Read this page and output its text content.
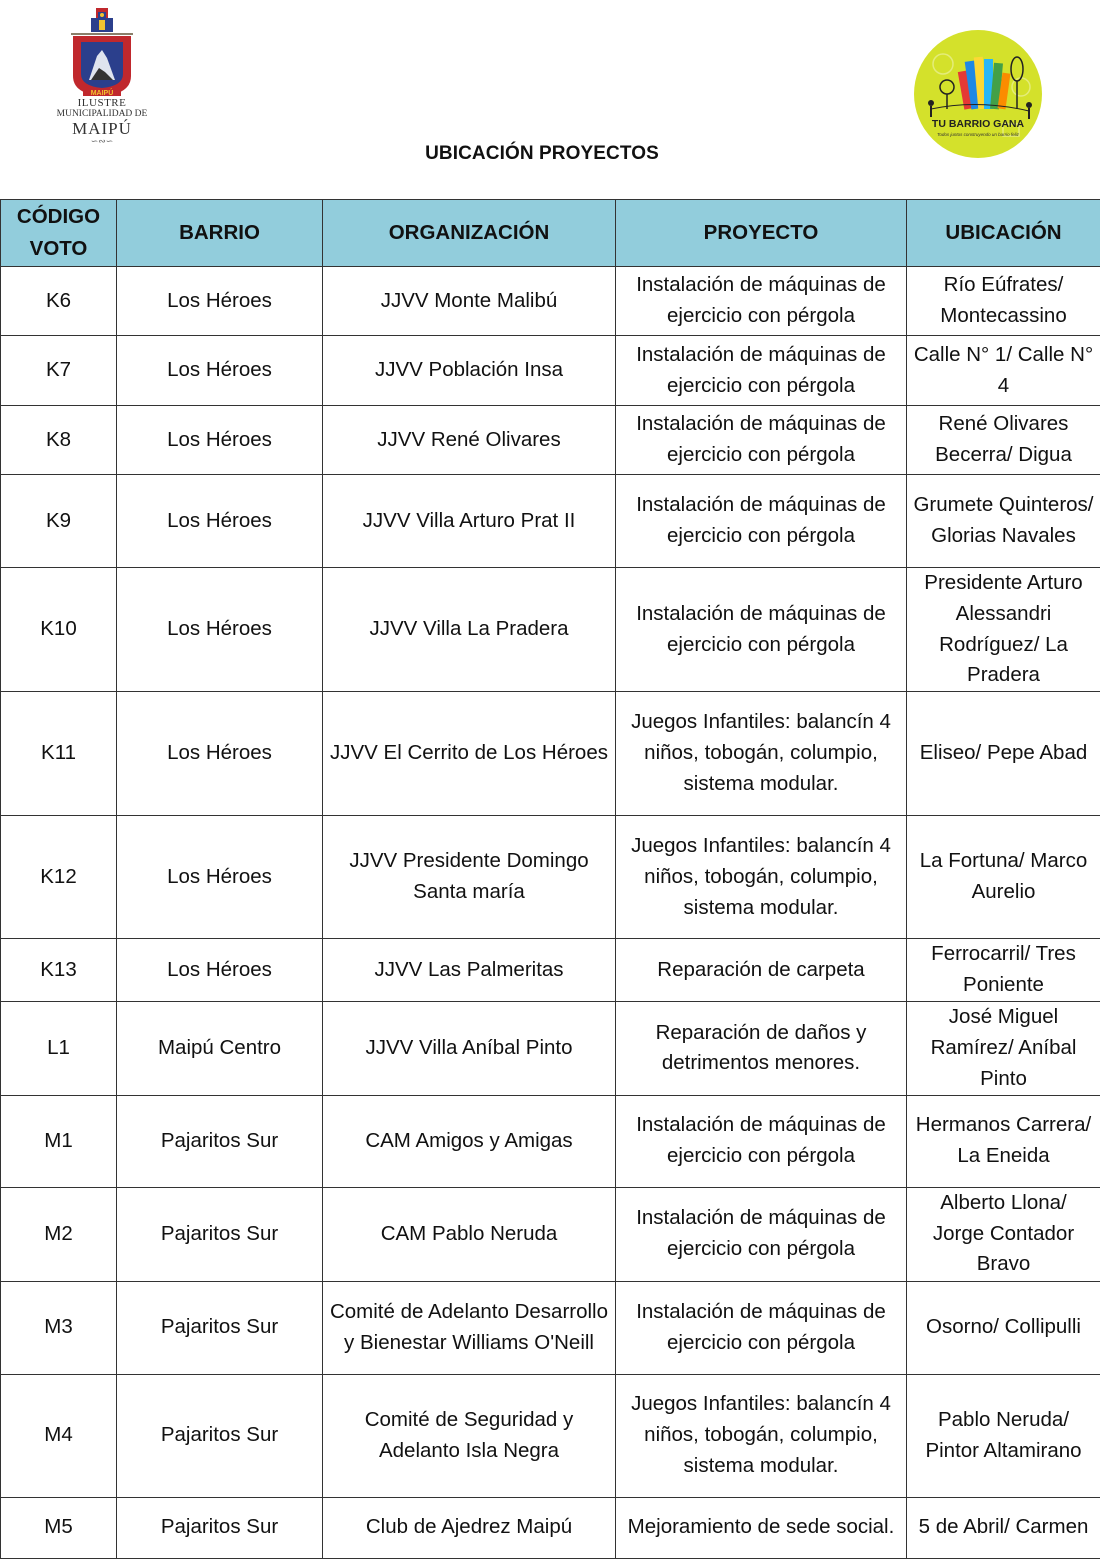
MAIPÚ
ILUSTRE
MUNICIPALIDAD DE
MAIPÚ
∽∾∽
TU BARRIO GANA
Todos juntos construyendo un barrio feliz
UBICACIÓN PROYECTOS
CÓDIGO VOTO	BARRIO	ORGANIZACIÓN	PROYECTO	UBICACIÓN
K6	Los Héroes	JJVV Monte Malibú	Instalación de máquinas de ejercicio con pérgola	Río Eúfrates/ Montecassino
K7	Los Héroes	JJVV Población Insa	Instalación de máquinas de ejercicio con pérgola	Calle N° 1/ Calle N° 4
K8	Los Héroes	JJVV René Olivares	Instalación de máquinas de ejercicio con pérgola	René Olivares Becerra/ Digua
K9	Los Héroes	JJVV Villa Arturo Prat II	Instalación de máquinas de ejercicio con pérgola	Grumete Quinteros/ Glorias Navales
K10	Los Héroes	JJVV Villa La Pradera	Instalación de máquinas de ejercicio con pérgola	Presidente Arturo Alessandri Rodríguez/ La Pradera
K11	Los Héroes	JJVV El Cerrito de Los Héroes	Juegos Infantiles: balancín 4 niños, tobogán, columpio, sistema modular.	Eliseo/ Pepe Abad
K12	Los Héroes	JJVV Presidente Domingo Santa maría	Juegos Infantiles: balancín 4 niños, tobogán, columpio, sistema modular.	La Fortuna/ Marco Aurelio
K13	Los Héroes	JJVV Las Palmeritas	Reparación de carpeta	Ferrocarril/ Tres Poniente
L1	Maipú Centro	JJVV Villa Aníbal Pinto	Reparación de daños y detrimentos menores.	José Miguel Ramírez/ Aníbal Pinto
M1	Pajaritos Sur	CAM Amigos y Amigas	Instalación de máquinas de ejercicio con pérgola	Hermanos Carrera/ La Eneida
M2	Pajaritos Sur	CAM Pablo Neruda	Instalación de máquinas de ejercicio con pérgola	Alberto Llona/ Jorge Contador Bravo
M3	Pajaritos Sur	Comité de Adelanto Desarrollo y Bienestar Williams O'Neill	Instalación de máquinas de ejercicio con pérgola	Osorno/ Collipulli
M4	Pajaritos Sur	Comité de Seguridad y Adelanto Isla Negra	Juegos Infantiles: balancín 4 niños, tobogán, columpio, sistema modular.	Pablo Neruda/ Pintor Altamirano
M5	Pajaritos Sur	Club de Ajedrez Maipú	Mejoramiento de sede social.	5 de Abril/ Carmen
